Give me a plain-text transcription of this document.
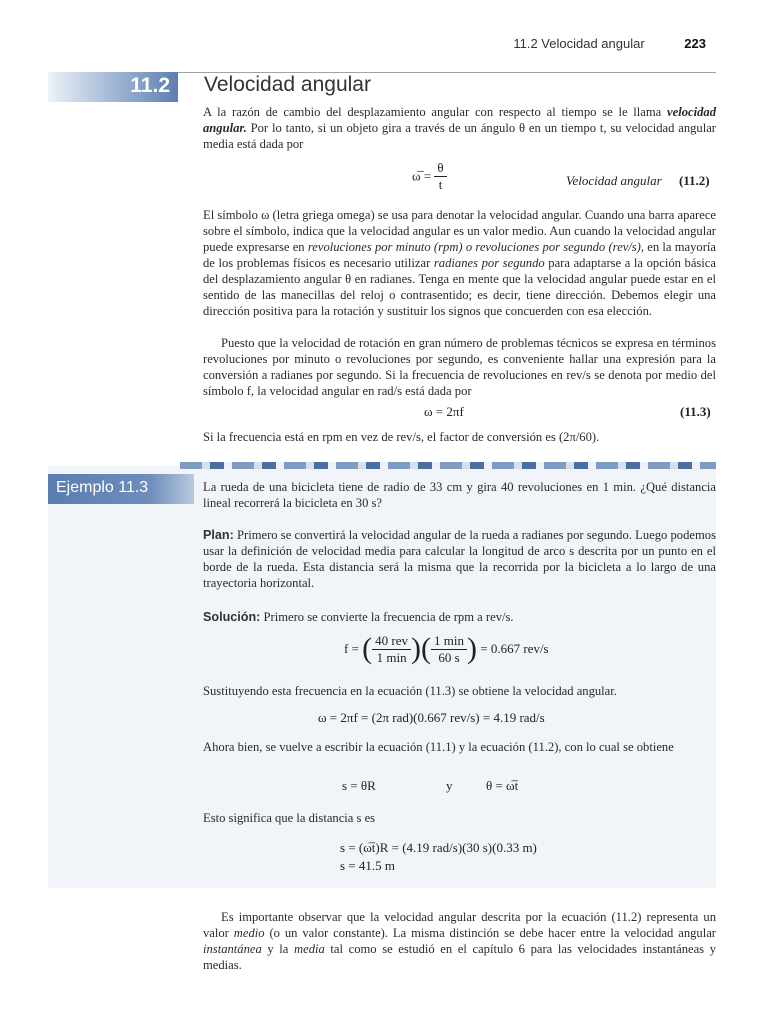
11.2 Velocidad angular	223
11.2 Velocidad angular
A la razón de cambio del desplazamiento angular con respecto al tiempo se le llama velocidad angular. Por lo tanto, si un objeto gira a través de un ángulo θ en un tiempo t, su velocidad angular media está dada por
ω̅ = $\frac{\theta}{t}$	Velocidad angular (11.2)
El símbolo ω (letra griega omega) se usa para denotar la velocidad angular. Cuando una barra aparece sobre el símbolo, indica que la velocidad angular es un valor medio. Aun cuando la velocidad angular puede expresarse en revoluciones por minuto (rpm) o revoluciones por segundo (rev/s), en la mayoría de los problemas físicos es necesario utilizar radianes por segundo para adaptarse a la opción básica del desplazamiento angular θ en radianes. Tenga en mente que la velocidad angular puede estar en el sentido de las manecillas del reloj o contrasentido; es decir, tiene dirección. Debemos elegir una dirección positiva para la rotación y sustituir los signos que concuerden con esa elección.
Puesto que la velocidad de rotación en gran número de problemas técnicos se expresa en términos revoluciones por minuto o revoluciones por segundo, es conveniente hallar una expresión para la conversión a radianes por segundo. Si la frecuencia de revoluciones en rev/s se denota por medio del símbolo f, la velocidad angular en rad/s está dada por
ω = 2πf	(11.3)
Si la frecuencia está en rpm en vez de rev/s, el factor de conversión es (2π/60).
Ejemplo 11.3	La rueda de una bicicleta tiene de radio de 33 cm y gira 40 revoluciones en 1 min. ¿Qué distancia lineal recorrerá la bicicleta en 30 s?
Plan: Primero se convertirá la velocidad angular de la rueda a radianes por segundo. Luego podemos usar la definición de velocidad media para calcular la longitud de arco s descrita por un punto en el borde de la rueda. Esta distancia será la misma que la recorrida por la bicicleta a lo largo de una trayectoria horizontal.
Solución: Primero se convierte la frecuencia de rpm a rev/s.
f = ( $\frac{\text{40 rev}}{1 \min}$ )( $\frac{1 \min}{60 s}$ ) = 0.667 rev/s
Sustituyendo esta frecuencia en la ecuación (11.3) se obtiene la velocidad angular.
ω = 2πf = (2π rad)(0.667 rev/s) = 4.19 rad/s
Ahora bien, se vuelve a escribir la ecuación (11.1) y la ecuación (11.2), con lo cual se obtiene
s = θR	y	θ = ω̅t
Esto significa que la distancia s es
s = (ω̅t)R = (4.19 rad/s)(30 s)(0.33 m)
s = 41.5 m
Es importante observar que la velocidad angular descrita por la ecuación (11.2) representa un valor medio (o un valor constante). La misma distinción se debe hacer entre la velocidad angular instantánea y la media tal como se estudió en el capítulo 6 para las velocidades instantáneas y medias.
